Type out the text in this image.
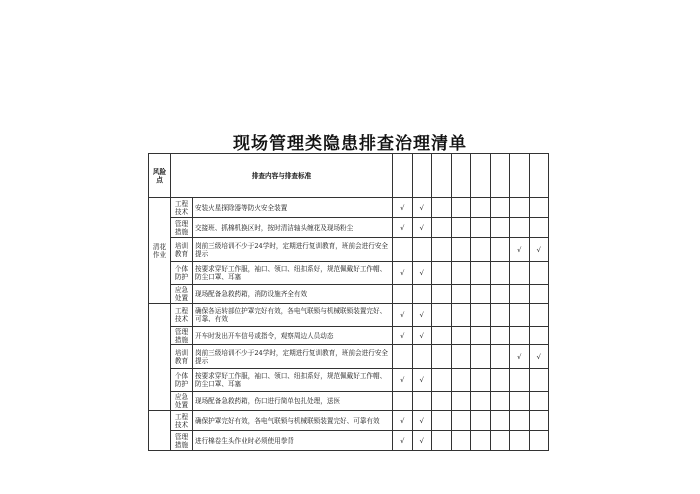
现场管理类隐患排查治理清单
风险点	排查内容与排查标准									
清花作业	工程技术	安装火星探除器等防火安全装置	√	√						
	管理措施	交接班、抓棉机换区时，按时清洁轴头缠花及现场粉尘	√	√						
	培训教育	岗前三级培训不少于24学时，定期进行复训教育，班前会进行安全提示							√	√
	个体防护	按要求穿好工作服，袖口、领口、纽扣系好，规范佩戴好工作帽、防尘口罩、耳塞	√	√						
	应急处置	现场配备急救药箱，消防设施齐全有效								
	工程技术	确保各运转部位护罩完好有效，各电气联锁与机械联锁装置完好、可靠、有效	√	√						
	管理措施	开车时发出开车信号或指令，观察周边人员动态	√	√						
	培训教育	岗前三级培训不少于24学时，定期进行复训教育，班前会进行安全提示							√	√
	个体防护	按要求穿好工作服，袖口、领口、纽扣系好，规范佩戴好工作帽、防尘口罩、耳塞	√	√						
	应急处置	现场配备急救药箱，伤口进行简单包扎处理，送医								
	工程技术	确保护罩完好有效，各电气联锁与机械联锁装置完好、可靠有效	√	√						
	管理措施	进行棉卷生头作业时必须使用拳背	√	√						
